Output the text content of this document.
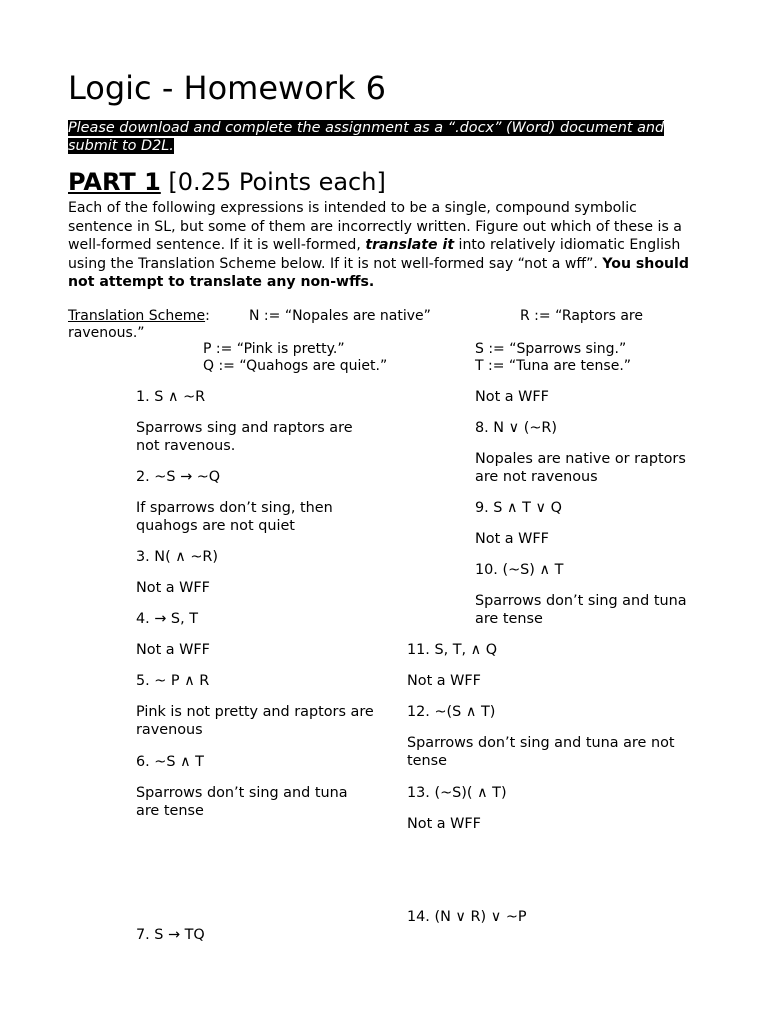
Logic - Homework 6
Please download and complete the assignment as a “.docx” (Word) document and submit to D2L.
PART 1 [0.25 Points each]
Each of the following expressions is intended to be a single, compound symbolic sentence in SL, but some of them are incorrectly written. Figure out which of these is a well-formed sentence. If it is well-formed, translate it into relatively idiomatic English using the Translation Scheme below. If it is not well-formed say “not a wff”. You should not attempt to translate any non-wffs.
Translation Scheme:	N := “Nopales are native”	R := “Raptors are
ravenous.”
P := “Pink is pretty.”
Q := “Quahogs are quiet.”
S := “Sparrows sing.”
T := “Tuna are tense.”
1. S ∧ ~R
Sparrows sing and raptors are not ravenous.
2. ~S → ~Q
If sparrows don’t sing, then quahogs are not quiet
3. N( ∧ ~R)
Not a WFF
4. → S, T
Not a WFF
5. ~ P ∧ R
Pink is not pretty and raptors are ravenous
6. ~S ∧ T
Sparrows don’t sing and tuna are tense
7. S → TQ
Not a WFF
8. N ∨ (~R)
Nopales are native or raptors are not ravenous
9. S ∧ T ∨ Q
Not a WFF
10. (~S) ∧ T
Sparrows don’t sing and tuna are tense
11. S, T, ∧ Q
Not a WFF
12. ~(S ∧ T)
Sparrows don’t sing and tuna are not tense
13. (~S)( ∧ T)
Not a WFF
14. (N ∨ R) ∨ ~P
